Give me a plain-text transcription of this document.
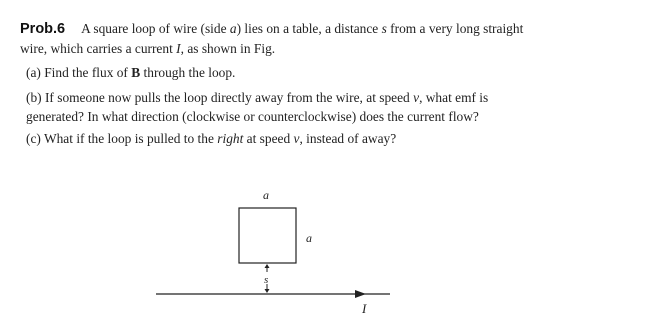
Prob.6 A square loop of wire (side a) lies on a table, a distance s from a very long straight
wire, which carries a current I, as shown in Fig.

(a) Find the flux of B through the loop.

(b) If someone now pulls the loop directly away from the wire, at speed v, what emf is
generated? In what direction (clockwise or counterclockwise) does the current flow?

(c) What if the loop is pulled to the right at speed v, instead of away?

a
a
s
I
